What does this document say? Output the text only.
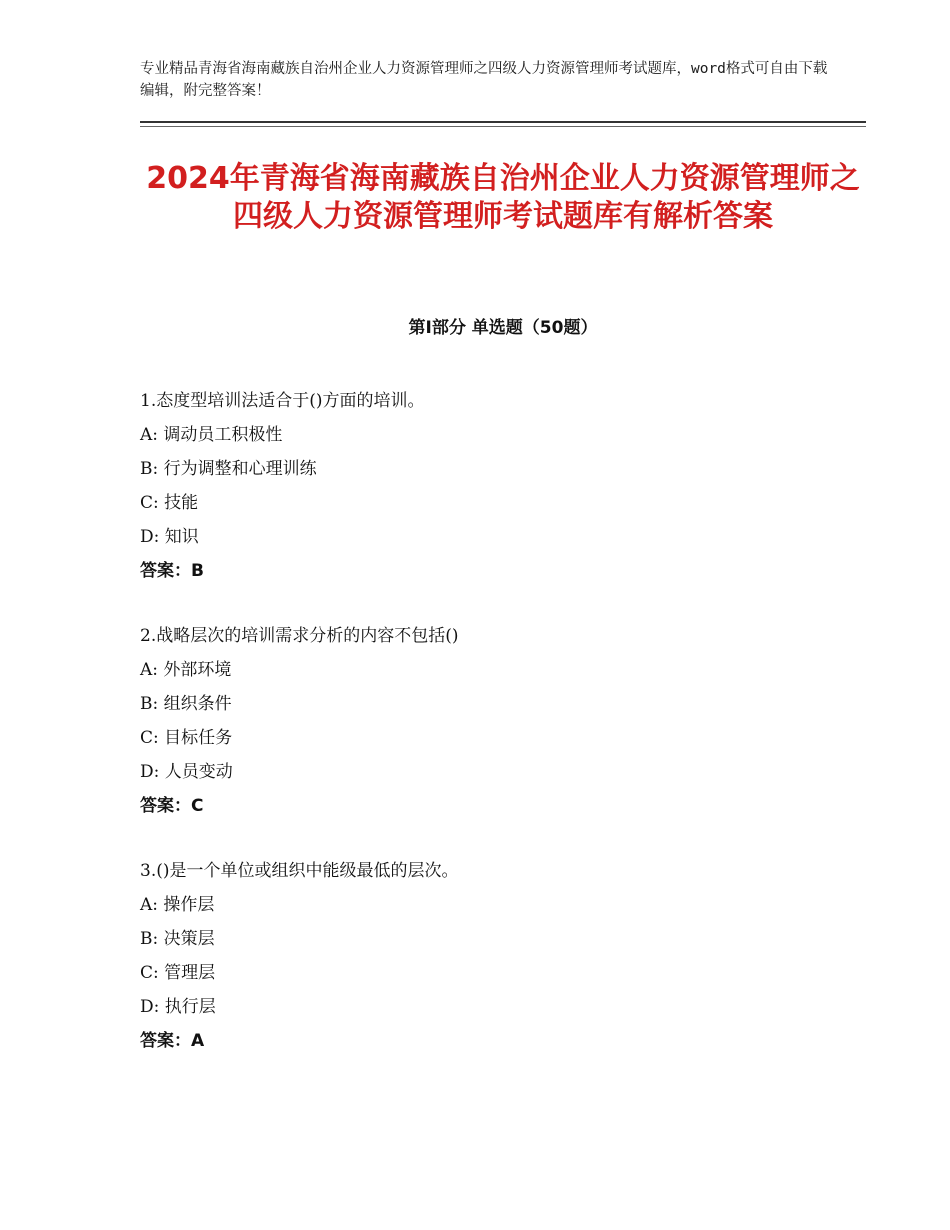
专业精品青海省海南藏族自治州企业人力资源管理师之四级人力资源管理师考试题库，word格式可自由下载编辑，附完整答案！
2024年青海省海南藏族自治州企业人力资源管理师之四级人力资源管理师考试题库有解析答案
第Ⅰ部分 单选题（50题）
1.态度型培训法适合于()方面的培训。
A: 调动员工积极性
B: 行为调整和心理训练
C: 技能
D: 知识
答案：B
2.战略层次的培训需求分析的内容不包括()
A: 外部环境
B: 组织条件
C: 目标任务
D: 人员变动
答案：C
3.()是一个单位或组织中能级最低的层次。
A: 操作层
B: 决策层
C: 管理层
D: 执行层
答案：A
